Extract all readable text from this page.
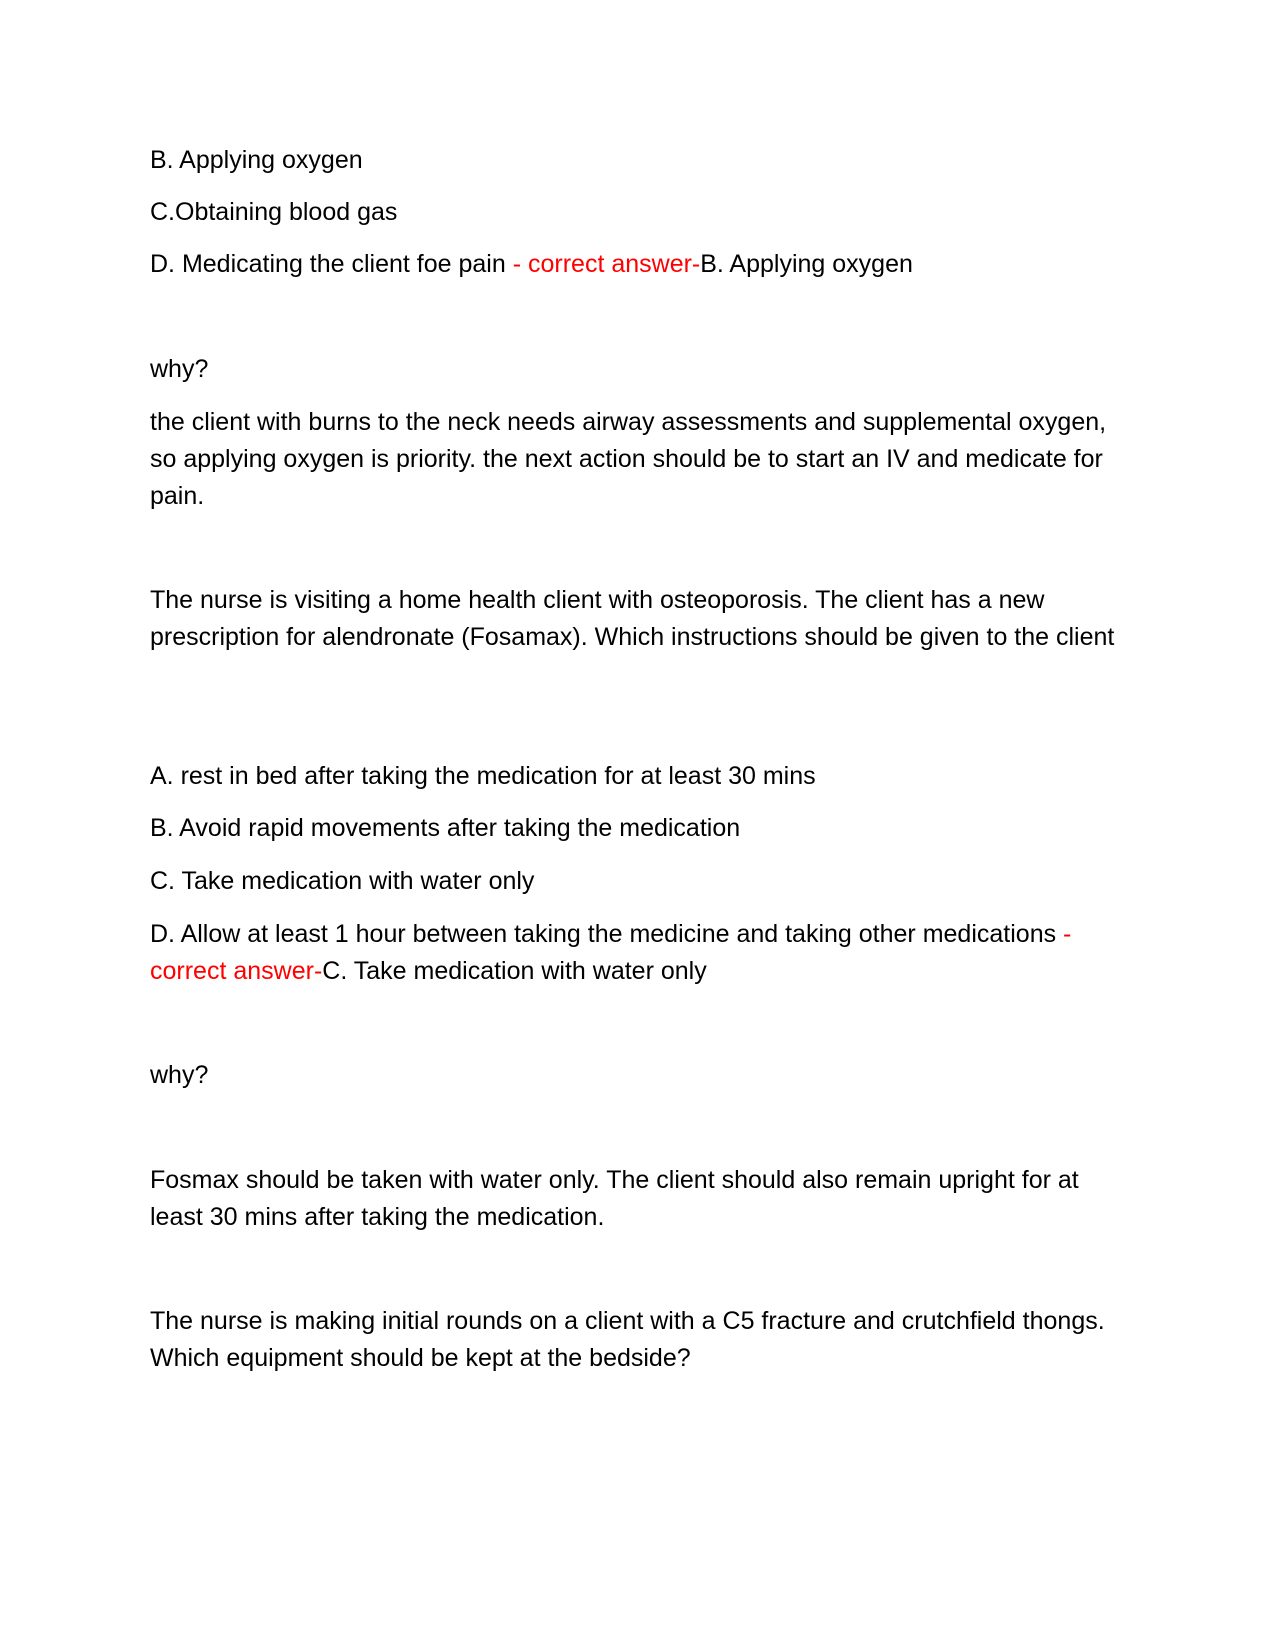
B. Applying oxygen
C.Obtaining blood gas
D. Medicating the client foe pain - correct answer-B. Applying oxygen
why?
the client with burns to the neck needs airway assessments and supplemental oxygen, so applying oxygen is priority. the next action should be to start an IV and medicate for pain.
The nurse is visiting a home health client with osteoporosis. The client has a new prescription for alendronate (Fosamax). Which instructions should be given to the client
A. rest in bed after taking the medication for at least 30 mins
B. Avoid rapid movements after taking the medication
C. Take medication with water only
D. Allow at least 1 hour between taking the medicine and taking other medications - correct answer-C. Take medication with water only
why?
Fosmax should be taken with water only. The client should also remain upright for at least 30 mins after taking the medication.
The nurse is making initial rounds on a client with a C5 fracture and crutchfield thongs. Which equipment should be kept at the bedside?
